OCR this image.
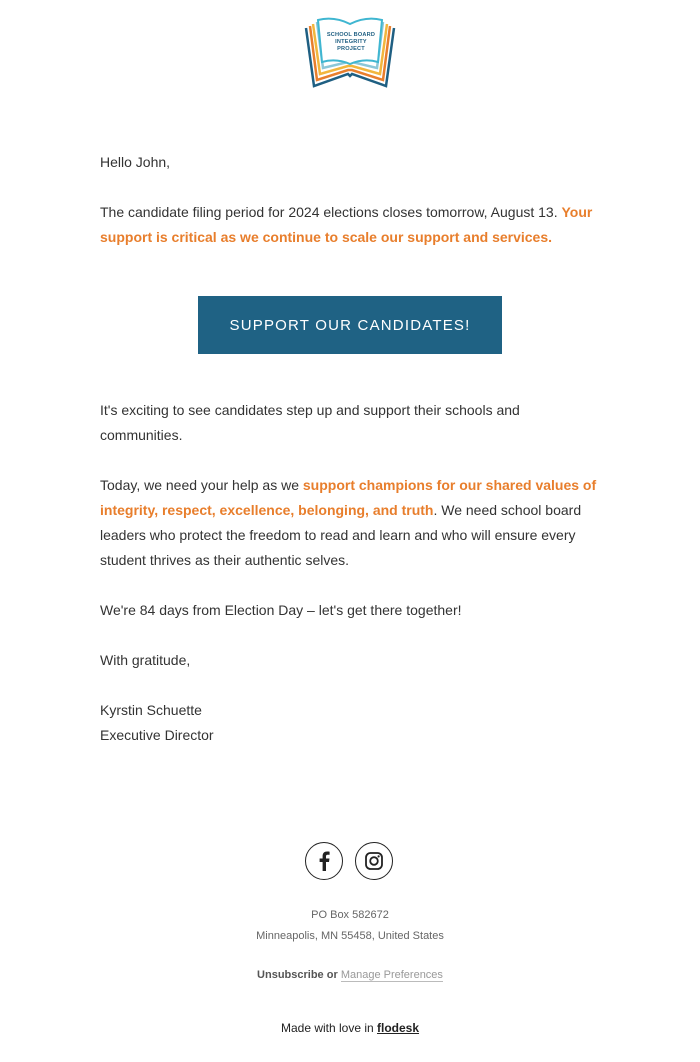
SCHOOL BOARD
INTEGRITY
PROJECT

Hello John,

The candidate filing period for 2024 elections closes tomorrow, August 13. Your support is critical as we continue to scale our support and services.

SUPPORT OUR CANDIDATES!

It's exciting to see candidates step up and support their schools and communities.

Today, we need your help as we support champions for our shared values of integrity, respect, excellence, belonging, and truth. We need school board leaders who protect the freedom to read and learn and who will ensure every student thrives as their authentic selves.

We're 84 days from Election Day – let's get there together!

With gratitude,

Kyrstin Schuette

Executive Director

PO Box 582672
Minneapolis, MN 55458, United States
Unsubscribe or Manage Preferences
Made with love in flodesk
